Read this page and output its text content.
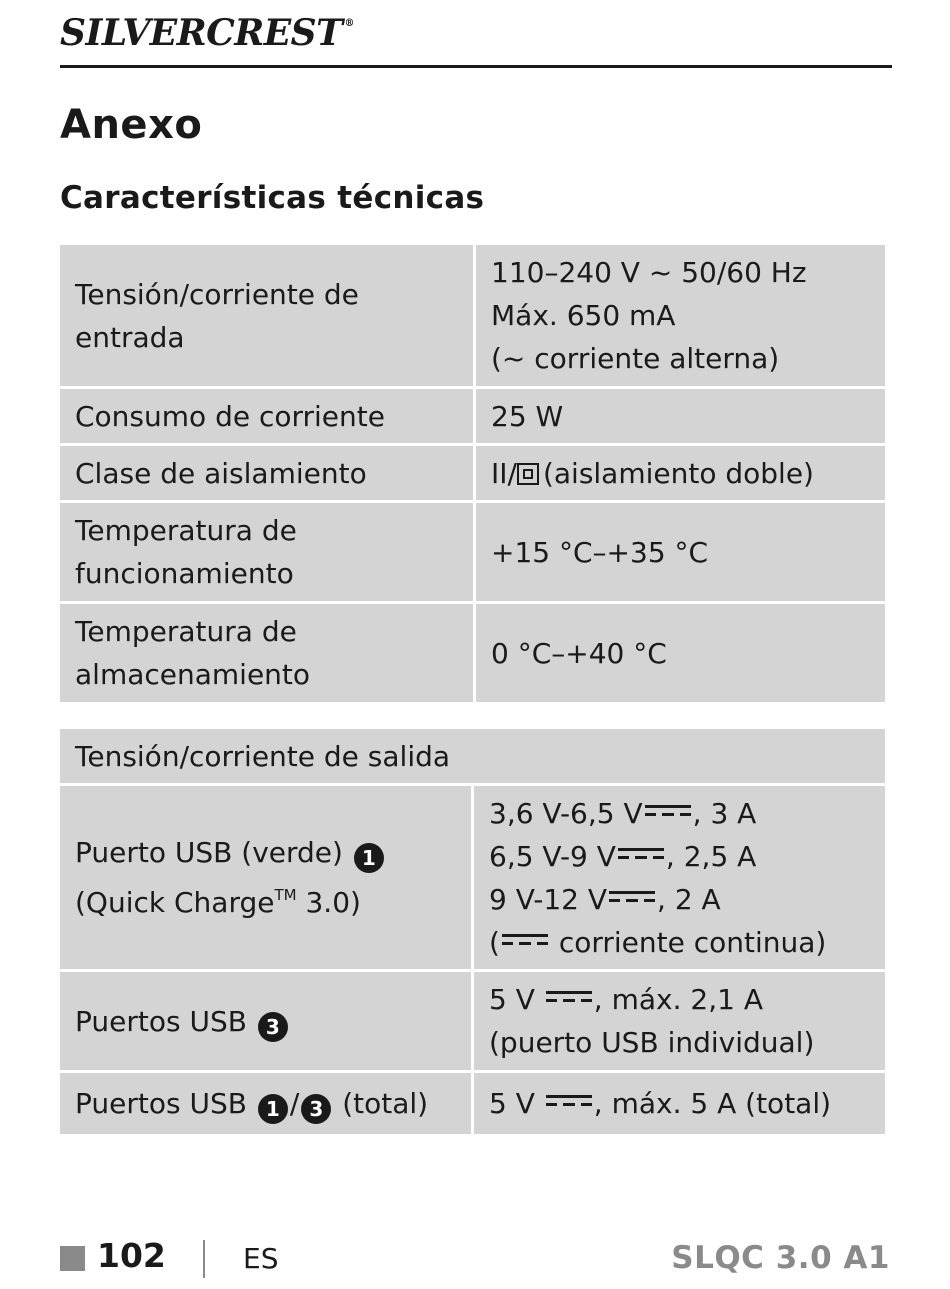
SILVERCREST ®
Anexo
Características técnicas
Tensión/corriente de
entrada	110–240 V ~ 50/60 Hz
Máx. 650 mA
(~ corriente alterna)

Consumo de corriente	25 W
Clase de aislamiento	II/ (aislamiento doble)

Temperatura de
funcionamiento	+15 °C–+35 °C

Temperatura de
almacenamiento	0 °C–+40 °C
Tensión/corriente de salida	

Puerto USB (verde) 1
(Quick Charge™ 3.0)	3,6 V-6,5 V , 3 A
6,5 V-9 V , 2,5 A
9 V-12 V , 2 A
( corriente continua)

Puertos USB 3	5 V , máx. 2,1 A
(puerto USB individual)

Puertos USB 1 / 3 (total)	5 V , máx. 5 A (total)
102	ES	SLQC 3.0 A1
